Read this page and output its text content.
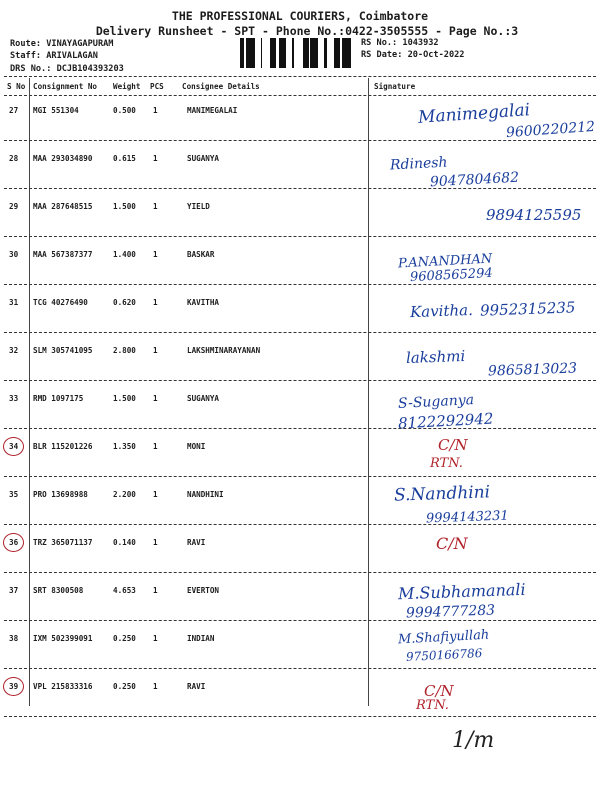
THE PROFESSIONAL COURIERS, Coimbatore
Delivery Runsheet - SPT - Phone No.:0422-3505555 - Page No.:3
Route: VINAYAGAPURAM
Staff: ARIVALAGAN
DRS No.: DCJB104393203
RS No.: 1043932
RS Date: 20-Oct-2022
S No Consignment No Weight PCS Consignee Details	Signature
27 MGI 551304	0.500 1	MANIMEGALAI	Manimegalai
9600220212
28 MAA 293034890	0.615 1	SUGANYA	Rdinesh
9047804682
29 MAA 287648515	1.500 1	YIELD	9894125595
30 MAA 567387377	1.400 1	BASKAR	P.ANANDHAN
9608565294
31 TCG 40276490	0.620 1	KAVITHA	Kavitha. 9952315235
32 SLM 305741095	2.800 1	LAKSHMINARAYANAN	lakshmi
9865813023
33 RMD 1097175	1.500 1	SUGANYA	S-Suganya
8122292942
34 BLR 115201226	1.350 1	MONI	C/N
RTN.
35 PRO 13698988	2.200 1	NANDHINI	S.Nandhini
9994143231
36 TRZ 365071137	0.140 1	RAVI	C/N
37 SRT 8300508	4.653 1	EVERTON	M.Subhamanali
9994777283
38 IXM 502399091	0.250 1	INDIAN	M.Shafiyullah
9750166786
39 VPL 215833316	0.250 1	RAVI	C/N
RTN.
1/m
